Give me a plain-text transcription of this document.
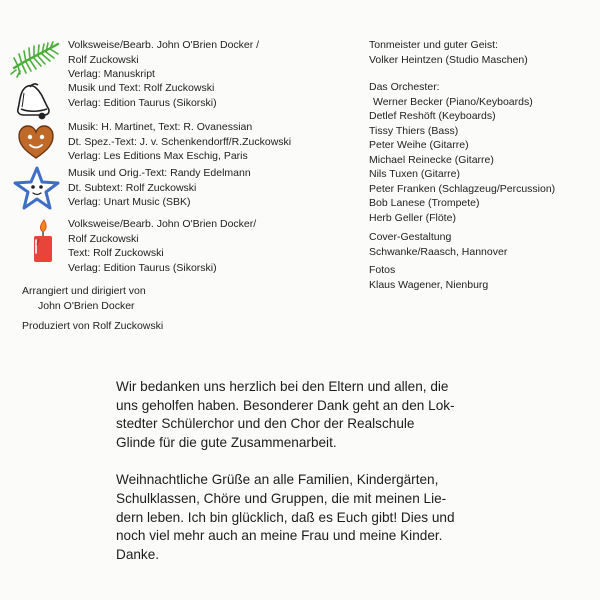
Volksweise/Bearb. John O'Brien Docker /
Rolf Zuckowski
Verlag: Manuskript
Musik und Text: Rolf Zuckowski
Verlag: Edition Taurus (Sikorski)
Musik: H. Martinet, Text: R. Ovanessian
Dt. Spez.-Text: J. v. Schenkendorff/R.Zuckowski
Verlag: Les Editions Max Eschig, Paris
Musik und Orig.-Text: Randy Edelmann
Dt. Subtext: Rolf Zuckowski
Verlag: Unart Music (SBK)
Volksweise/Bearb. John O'Brien Docker/
Rolf Zuckowski
Text: Rolf Zuckowski
Verlag: Edition Taurus (Sikorski)
Arrangiert und dirigiert von
John O'Brien Docker
Produziert von Rolf Zuckowski
Tonmeister und guter Geist:
Volker Heintzen (Studio Maschen)
Das Orchester:
Werner Becker (Piano/Keyboards)
Detlef Reshöft (Keyboards)
Tissy Thiers (Bass)
Peter Weihe (Gitarre)
Michael Reinecke (Gitarre)
Nils Tuxen (Gitarre)
Peter Franken (Schlagzeug/Percussion)
Bob Lanese (Trompete)
Herb Geller (Flöte)
Cover-Gestaltung
Schwanke/Raasch, Hannover
Fotos
Klaus Wagener, Nienburg

Wir bedanken uns herzlich bei den Eltern und allen, die
uns geholfen haben. Besonderer Dank geht an den Lok-
stedter Schülerchor und den Chor der Realschule
Glinde für die gute Zusammenarbeit.

Weihnachtliche Grüße an alle Familien, Kindergärten,
Schulklassen, Chöre und Gruppen, die mit meinen Lie-
dern leben. Ich bin glücklich, daß es Euch gibt! Dies und
noch viel mehr auch an meine Frau und meine Kinder.
Danke.
